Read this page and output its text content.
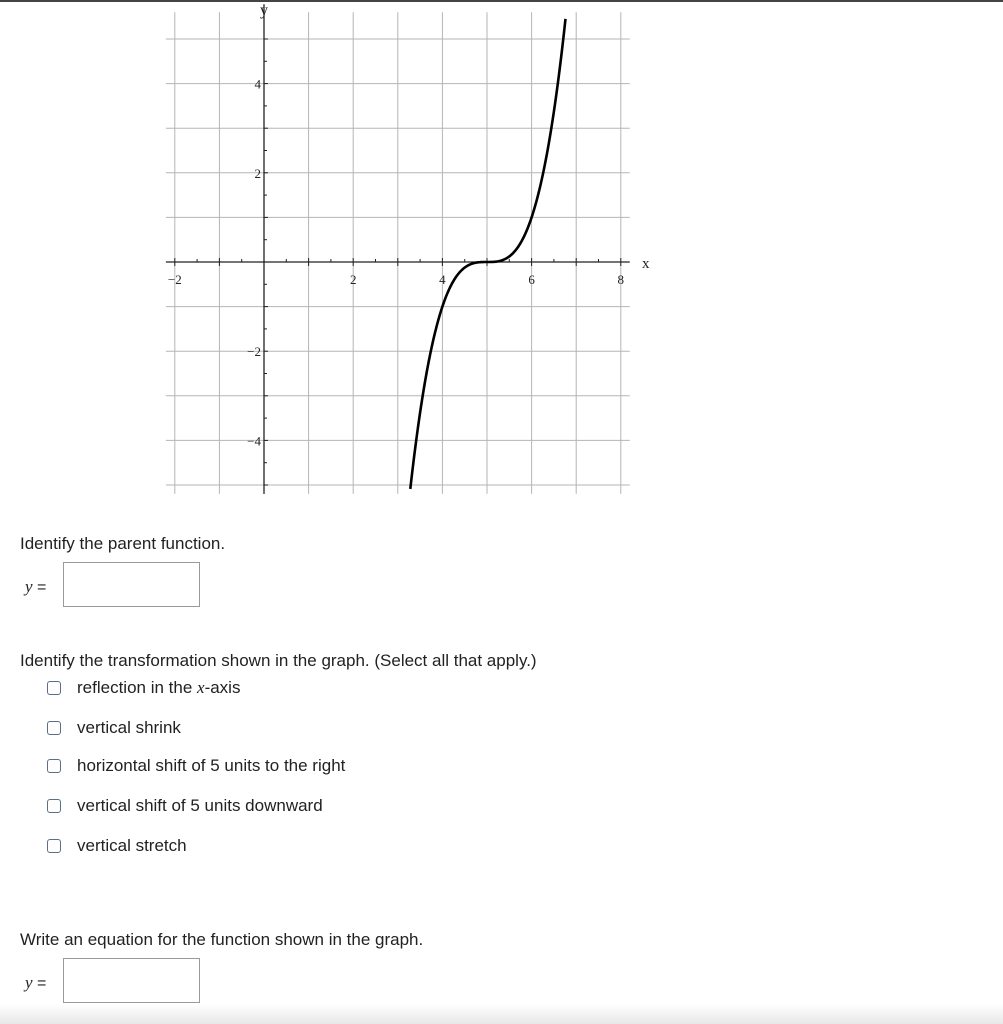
−2	2	4	6	8
4
2
−2
−4
x
y
Identify the parent function.
y =
Identify the transformation shown in the graph. (Select all that apply.)
reflection in the x-axis
vertical shrink
horizontal shift of 5 units to the right
vertical shift of 5 units downward
vertical stretch
Write an equation for the function shown in the graph.
y =
